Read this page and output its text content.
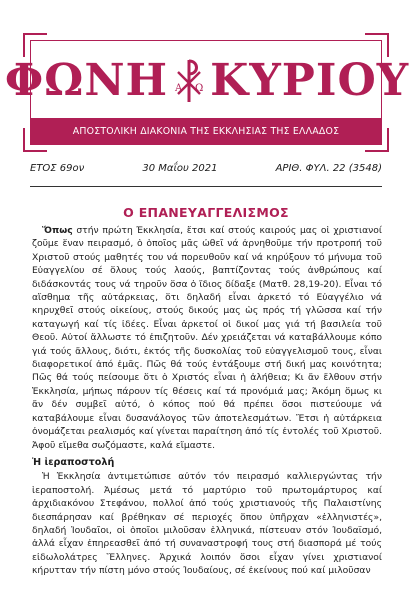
ΦΩΝΗ Α Ω ΚΥΡΙΟΥ
ΑΠΟΣΤΟΛΙΚΗ ΔΙΑΚΟΝΙΑ ΤΗΣ ΕΚΚΛΗΣΙΑΣ ΤΗΣ ΕΛΛΑΔΟΣ
ΕΤΟΣ 69ον	30 Μαΐου 2021	ΑΡΙΘ. ΦΥΛ. 22 (3548)
Ο ΕΠΑΝΕΥΑΓΓΕΛΙΣΜΟΣ

Ὅπως στήν πρώτη Ἐκκλησία, ἔτσι καί στούς καιρούς μας οἱ χριστιανοί ζοῦμε ἕναν πειρασμό, ὁ ὁποῖος μᾶς ὠθεῖ νά ἀρνηθοῦμε τήν προτροπή τοῦ Χριστοῦ στούς μαθητές του νά πορευθοῦν καί νά κηρύξουν τό μήνυμα τοῦ Εὐαγγελίου σέ ὅλους τούς λαούς, βαπτίζοντας τούς ἀνθρώπους καί διδάσκοντάς τους νά τηροῦν ὅσα ὁ ἴδιος δίδαξε (Ματθ. 28,19-20). Εἶναι τό αἴσθημα τῆς αὐτάρκειας, ὅτι δηλαδή εἶναι ἀρκετό τό Εὐαγγέλιο νά κηρυχθεῖ στούς οἰκείους, στούς δικούς μας ὡς πρός τή γλῶσσα καί τήν καταγωγή καί τίς ἰδέες. Εἶναι ἀρκετοί οἱ δικοί μας γιά τή βασιλεία τοῦ Θεοῦ. Αὐτοί ἄλλωστε τό ἐπιζητοῦν. Δέν χρειάζεται νά καταβάλλουμε κόπο γιά τούς ἄλλους, διότι, ἐκτός τῆς δυσκολίας τοῦ εὐαγγελισμοῦ τους, εἶναι διαφορετικοί ἀπό ἐμᾶς. Πῶς θά τούς ἐντάξουμε στή δική μας κοινότητα; Πῶς θά τούς πείσουμε ὅτι ὁ Χριστός εἶναι ἡ ἀλήθεια; Κι ἄν ἔλθουν στήν Ἐκκλησία, μήπως πάρουν τίς θέσεις καί τά προνόμιά μας; Ἀκόμη ὅμως κι ἄν δέν συμβεῖ αὐτό, ὁ κόπος πού θά πρέπει ὅσοι πιστεύουμε νά καταβάλουμε εἶναι δυσανάλογος τῶν ἀποτελεσμάτων. Ἔτσι ἡ αὐτάρκεια ὀνομάζεται ρεαλισμός καί γίνεται παραίτηση ἀπό τίς ἐντολές τοῦ Χριστοῦ. Ἀφοῦ εἴμεθα σωζόμαστε, καλά εἴμαστε.

Ἡ ἱεραποστολή

Ἡ Ἐκκλησία ἀντιμετώπισε αὐτόν τόν πειρασμό καλλιεργώντας τήν ἱεραποστολή. Ἀμέσως μετά τό μαρτύριο τοῦ πρωτομάρτυρος καί ἀρχιδιακόνου Στεφάνου, πολλοί ἀπό τούς χριστιανούς τῆς Παλαιστίνης διεσπάρησαν καί βρέθηκαν σέ περιοχές ὅπου ὑπῆρχαν «ἑλληνιστές», δηλαδή Ἰουδαῖοι, οἱ ὁποῖοι μιλοῦσαν ἑλληνικά, πίστευαν στόν Ἰουδαϊσμό, ἀλλά εἶχαν ἐπηρεασθεῖ ἀπό τή συναναστροφή τους στή διασπορά μέ τούς εἰδωλολάτρες Ἕλληνες. Ἀρχικά λοιπόν ὅσοι εἶχαν γίνει χριστιανοί κήρυτταν τήν πίστη μόνο στούς Ἰουδαίους, σέ ἐκείνους πού καί μιλοῦσαν
